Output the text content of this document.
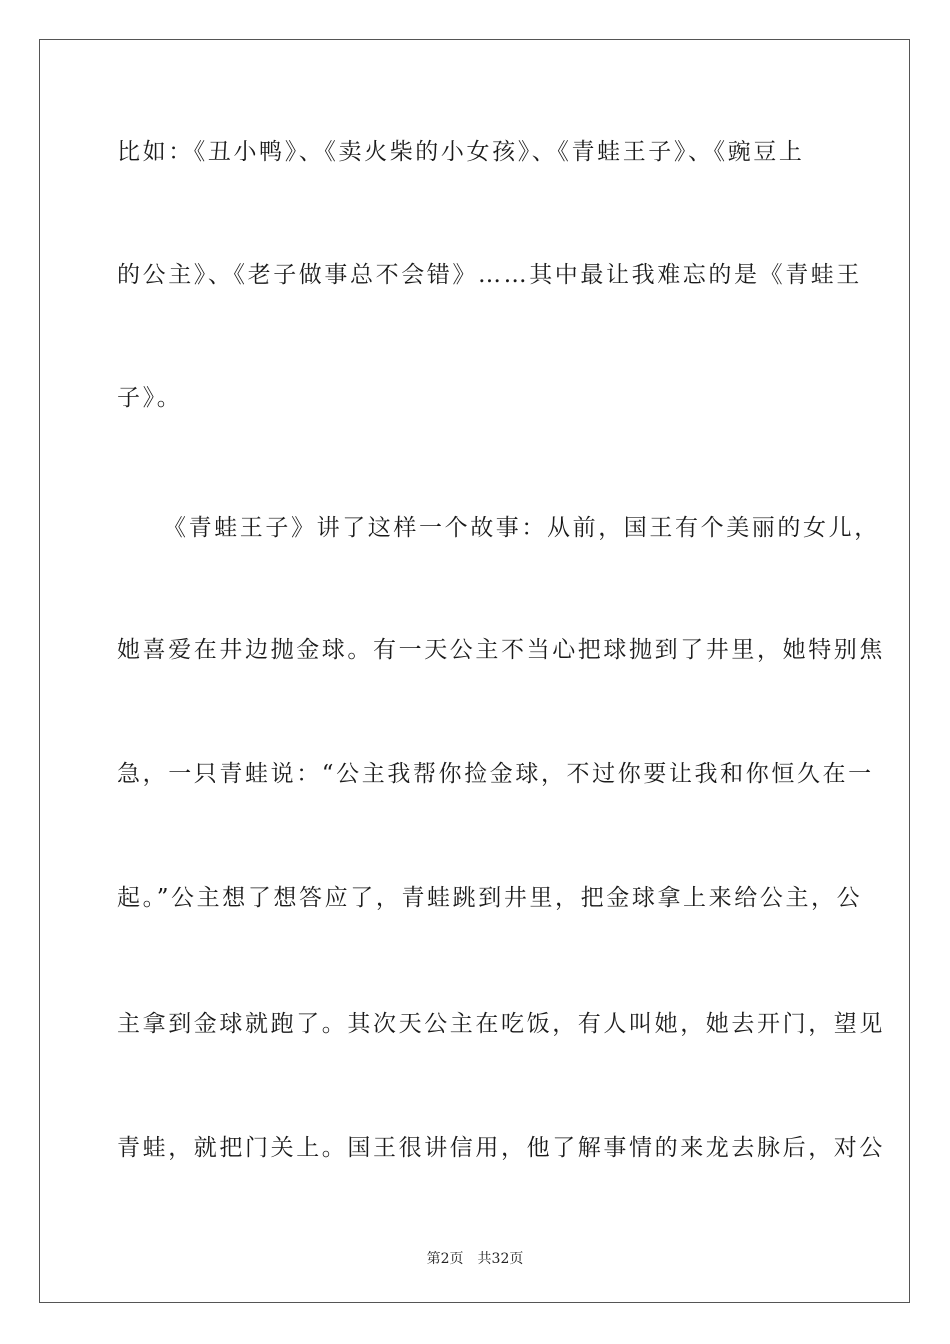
比如：《丑小鸭》、《卖火柴的小女孩》、《青蛙王子》、《豌豆上
的公主》、《老子做事总不会错》……其中最让我难忘的是《青蛙王
子》。
《青蛙王子》讲了这样一个故事：从前，国王有个美丽的女儿，
她喜爱在井边抛金球。有一天公主不当心把球抛到了井里，她特别焦
急，一只青蛙说：“公主我帮你捡金球，不过你要让我和你恒久在一
起。”公主想了想答应了，青蛙跳到井里，把金球拿上来给公主，公
主拿到金球就跑了。其次天公主在吃饭，有人叫她，她去开门，望见
青蛙，就把门关上。国王很讲信用，他了解事情的来龙去脉后，对公
第2页 共32页
